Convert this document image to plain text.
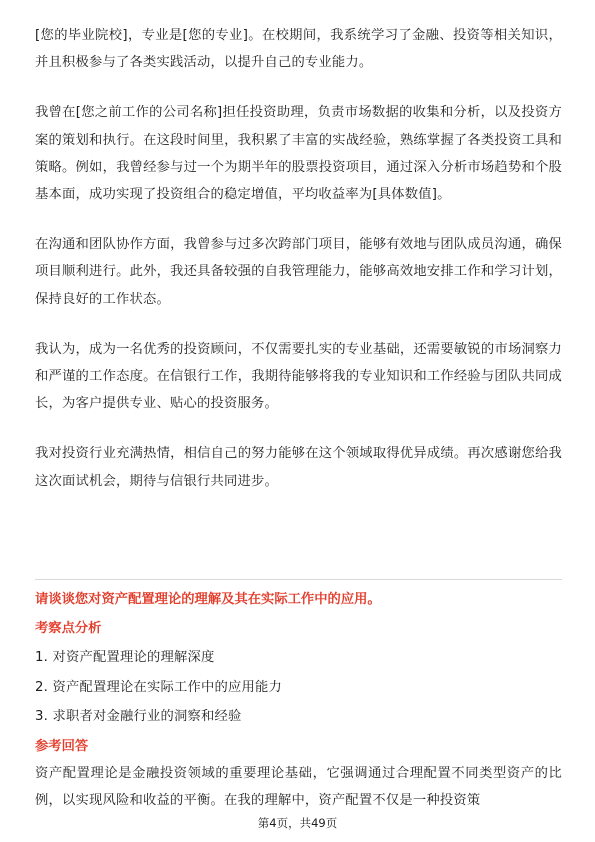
[您的毕业院校]，专业是[您的专业]。在校期间，我系统学习了金融、投资等相关知识，并且积极参与了各类实践活动，以提升自己的专业能力。

我曾在[您之前工作的公司名称]担任投资助理，负责市场数据的收集和分析，以及投资方案的策划和执行。在这段时间里，我积累了丰富的实战经验，熟练掌握了各类投资工具和策略。例如，我曾经参与过一个为期半年的股票投资项目，通过深入分析市场趋势和个股基本面，成功实现了投资组合的稳定增值，平均收益率为[具体数值]。

在沟通和团队协作方面，我曾参与过多次跨部门项目，能够有效地与团队成员沟通，确保项目顺利进行。此外，我还具备较强的自我管理能力，能够高效地安排工作和学习计划，保持良好的工作状态。

我认为，成为一名优秀的投资顾问，不仅需要扎实的专业基础，还需要敏锐的市场洞察力和严谨的工作态度。在信银行工作，我期待能够将我的专业知识和工作经验与团队共同成长，为客户提供专业、贴心的投资服务。

我对投资行业充满热情，相信自己的努力能够在这个领域取得优异成绩。再次感谢您给我这次面试机会，期待与信银行共同进步。

请谈谈您对资产配置理论的理解及其在实际工作中的应用。

考察点分析

1. 对资产配置理论的理解深度
2. 资产配置理论在实际工作中的应用能力
3. 求职者对金融行业的洞察和经验

参考回答

资产配置理论是金融投资领域的重要理论基础，它强调通过合理配置不同类型资产的比例，以实现风险和收益的平衡。在我的理解中，资产配置不仅是一种投资策

第4页，共49页
